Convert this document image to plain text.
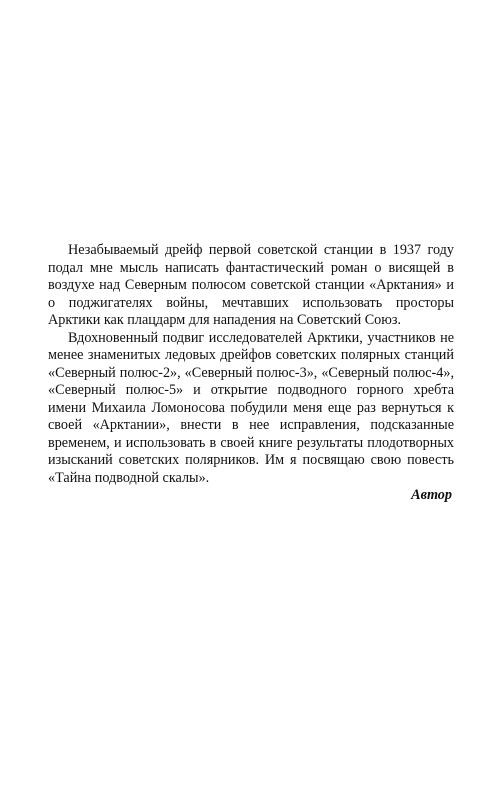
Незабываемый дрейф первой советской станции в 1937 году подал мне мысль написать фантастический роман о висящей в воздухе над Северным полюсом советской станции «Арктания» и о поджигателях войны, мечтавших использовать просторы Арктики как плацдарм для нападения на Советский Союз.

Вдохновенный подвиг исследователей Арктики, участников не менее знаменитых ледовых дрейфов советских полярных станций «Северный полюс-2», «Северный полюс-3», «Северный полюс-4», «Северный полюс-5» и открытие подводного горного хребта имени Михаила Ломоносова побудили меня еще раз вернуться к своей «Арктании», внести в нее исправления, подсказанные временем, и использовать в своей книге результаты плодотворных изысканий советских полярников. Им я посвящаю свою повесть «Тайна подводной скалы».

Автор
